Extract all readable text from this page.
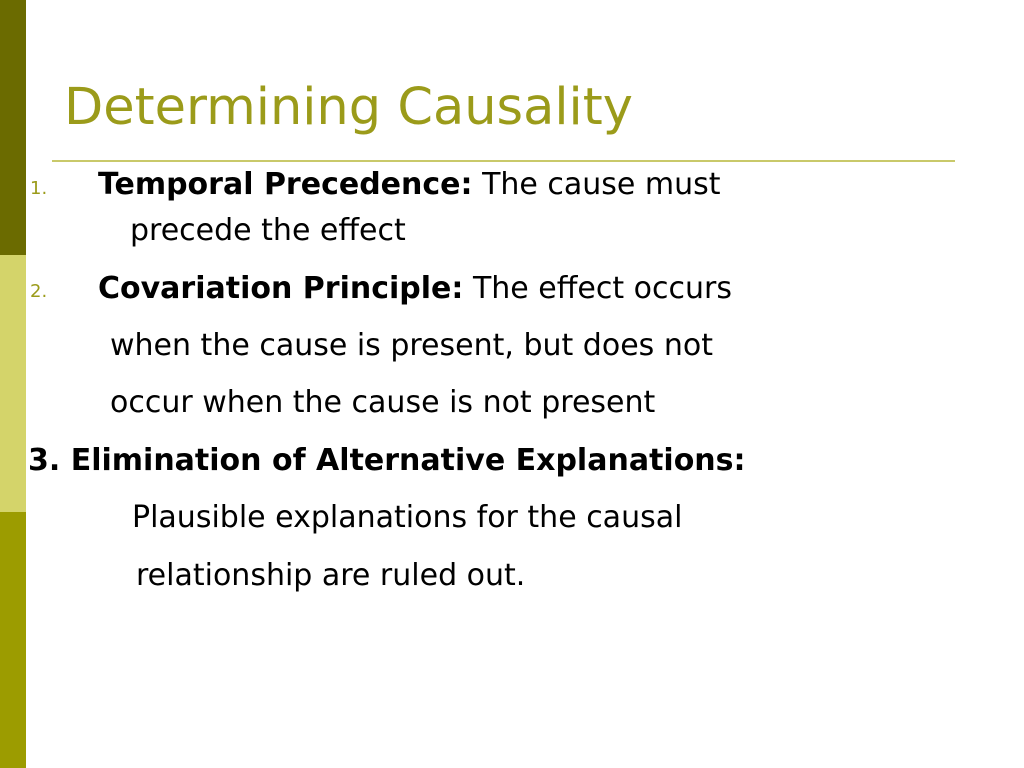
Determining Causality
1. Temporal Precedence: The cause must
precede the effect
2. Covariation Principle: The effect occurs
when the cause is present, but does not
occur when the cause is not present
3. Elimination of Alternative Explanations:
Plausible explanations for the causal
relationship are ruled out.
